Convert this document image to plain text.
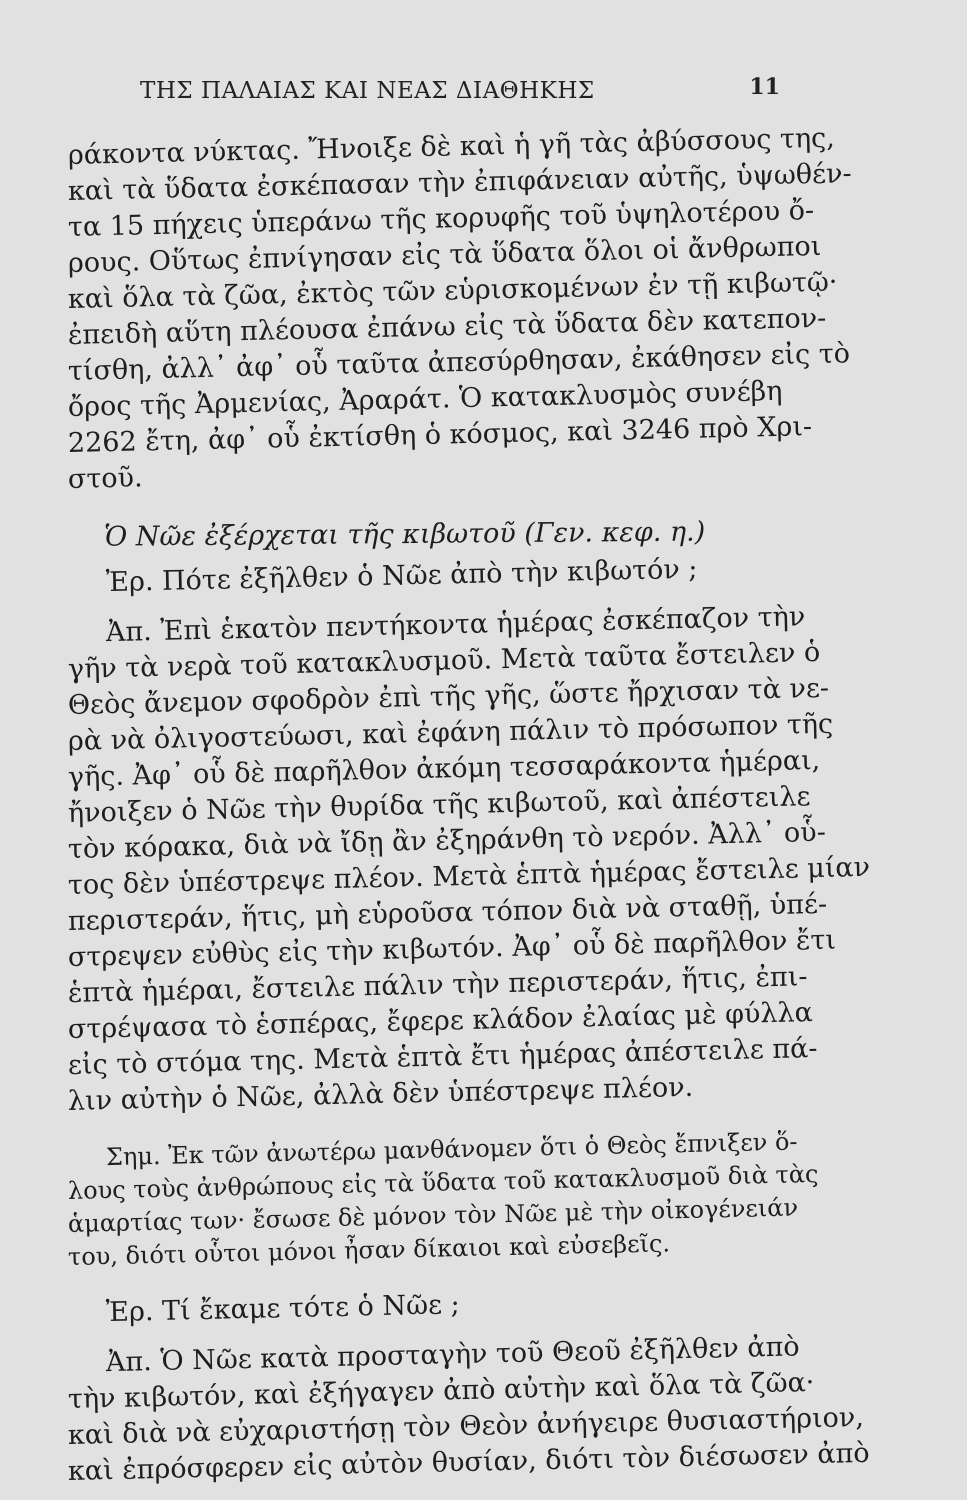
ΤΗΣ ΠΑΛΑΙΑΣ ΚΑΙ ΝΕΑΣ ΔΙΑΘΗΚΗΣ	11
ράκοντα νύκτας. Ἤνοιξε δὲ καὶ ἡ γῆ τὰς ἀβύσσους της,
καὶ τὰ ὕδατα ἐσκέπασαν τὴν ἐπιφάνειαν αὐτῆς, ὑψωθέν-
τα 15 πήχεις ὑπεράνω τῆς κορυφῆς τοῦ ὑψηλοτέρου ὄ-
ρους. Οὕτως ἐπνίγησαν εἰς τὰ ὕδατα ὅλοι οἱ ἄνθρωποι
καὶ ὅλα τὰ ζῶα, ἐκτὸς τῶν εὑρισκομένων ἐν τῇ κιβωτῷ·
ἐπειδὴ αὕτη πλέουσα ἐπάνω εἰς τὰ ὕδατα δὲν κατεπον-
τίσθη, ἀλλ᾽ ἀφ᾽ οὗ ταῦτα ἀπεσύρθησαν, ἐκάθησεν εἰς τὸ
ὄρος τῆς Ἀρμενίας, Ἀραράτ. Ὁ κατακλυσμὸς συνέβη
2262 ἔτη, ἀφ᾽ οὗ ἐκτίσθη ὁ κόσμος, καὶ 3246 πρὸ Χρι-
στοῦ.
Ὁ Νῶε ἐξέρχεται τῆς κιβωτοῦ (Γεν. κεφ. η.)
Ἐρ. Πότε ἐξῆλθεν ὁ Νῶε ἀπὸ τὴν κιβωτόν ;
Ἀπ. Ἐπὶ ἑκατὸν πεντήκοντα ἡμέρας ἐσκέπαζον τὴν
γῆν τὰ νερὰ τοῦ κατακλυσμοῦ. Μετὰ ταῦτα ἔστειλεν ὁ
Θεὸς ἄνεμον σφοδρὸν ἐπὶ τῆς γῆς, ὥστε ἤρχισαν τὰ νε-
ρὰ νὰ ὀλιγοστεύωσι, καὶ ἐφάνη πάλιν τὸ πρόσωπον τῆς
γῆς. Ἀφ᾽ οὗ δὲ παρῆλθον ἀκόμη τεσσαράκοντα ἡμέραι,
ἤνοιξεν ὁ Νῶε τὴν θυρίδα τῆς κιβωτοῦ, καὶ ἀπέστειλε
τὸν κόρακα, διὰ νὰ ἴδῃ ἂν ἐξηράνθη τὸ νερόν. Ἀλλ᾽ οὗ-
τος δὲν ὑπέστρεψε πλέον. Μετὰ ἑπτὰ ἡμέρας ἔστειλε μίαν
περιστεράν, ἥτις, μὴ εὑροῦσα τόπον διὰ νὰ σταθῇ, ὑπέ-
στρεψεν εὐθὺς εἰς τὴν κιβωτόν. Ἀφ᾽ οὗ δὲ παρῆλθον ἔτι
ἑπτὰ ἡμέραι, ἔστειλε πάλιν τὴν περιστεράν, ἥτις, ἐπι-
στρέψασα τὸ ἑσπέρας, ἔφερε κλάδον ἐλαίας μὲ φύλλα
εἰς τὸ στόμα της. Μετὰ ἑπτὰ ἔτι ἡμέρας ἀπέστειλε πά-
λιν αὐτὴν ὁ Νῶε, ἀλλὰ δὲν ὑπέστρεψε πλέον.
Σημ. Ἐκ τῶν ἀνωτέρω μανθάνομεν ὅτι ὁ Θεὸς ἔπνιξεν ὅ-
λους τοὺς ἀνθρώπους εἰς τὰ ὕδατα τοῦ κατακλυσμοῦ διὰ τὰς
ἁμαρτίας των· ἔσωσε δὲ μόνον τὸν Νῶε μὲ τὴν οἰκογένειάν
του, διότι οὗτοι μόνοι ἦσαν δίκαιοι καὶ εὐσεβεῖς.
Ἐρ. Τί ἔκαμε τότε ὁ Νῶε ;
Ἀπ. Ὁ Νῶε κατὰ προσταγὴν τοῦ Θεοῦ ἐξῆλθεν ἀπὸ
τὴν κιβωτόν, καὶ ἐξήγαγεν ἀπὸ αὐτὴν καὶ ὅλα τὰ ζῶα·
καὶ διὰ νὰ εὐχαριστήσῃ τὸν Θεὸν ἀνήγειρε θυσιαστήριον,
καὶ ἐπρόσφερεν εἰς αὐτὸν θυσίαν, διότι τὸν διέσωσεν ἀπὸ
